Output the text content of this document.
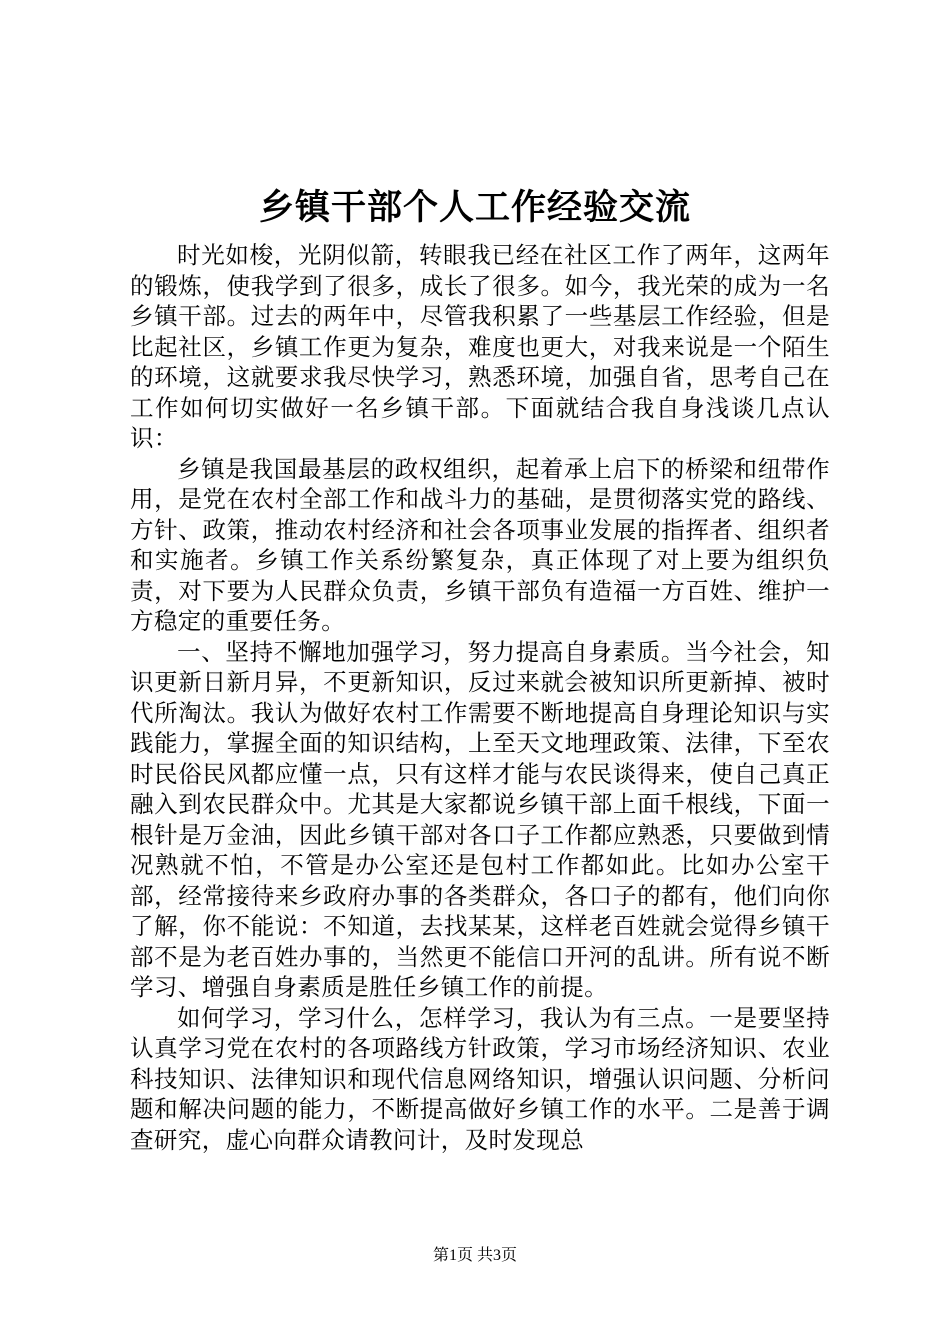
乡镇干部个人工作经验交流

时光如梭，光阴似箭，转眼我已经在社区工作了两年，这两年的锻炼，使我学到了很多，成长了很多。如今，我光荣的成为一名乡镇干部。过去的两年中，尽管我积累了一些基层工作经验，但是比起社区，乡镇工作更为复杂，难度也更大，对我来说是一个陌生的环境，这就要求我尽快学习，熟悉环境，加强自省，思考自己在工作如何切实做好一名乡镇干部。下面就结合我自身浅谈几点认识：

乡镇是我国最基层的政权组织，起着承上启下的桥梁和纽带作用，是党在农村全部工作和战斗力的基础，是贯彻落实党的路线、方针、政策，推动农村经济和社会各项事业发展的指挥者、组织者和实施者。乡镇工作关系纷繁复杂，真正体现了对上要为组织负责，对下要为人民群众负责，乡镇干部负有造福一方百姓、维护一方稳定的重要任务。

一、坚持不懈地加强学习，努力提高自身素质。当今社会，知识更新日新月异，不更新知识，反过来就会被知识所更新掉、被时代所淘汰。我认为做好农村工作需要不断地提高自身理论知识与实践能力，掌握全面的知识结构，上至天文地理政策、法律，下至农时民俗民风都应懂一点，只有这样才能与农民谈得来，使自己真正融入到农民群众中。尤其是大家都说乡镇干部上面千根线，下面一根针是万金油，因此乡镇干部对各口子工作都应熟悉，只要做到情况熟就不怕，不管是办公室还是包村工作都如此。比如办公室干部，经常接待来乡政府办事的各类群众，各口子的都有，他们向你了解，你不能说：不知道，去找某某，这样老百姓就会觉得乡镇干部不是为老百姓办事的，当然更不能信口开河的乱讲。所有说不断学习、增强自身素质是胜任乡镇工作的前提。

如何学习，学习什么，怎样学习，我认为有三点。一是要坚持认真学习党在农村的各项路线方针政策，学习市场经济知识、农业科技知识、法律知识和现代信息网络知识，增强认识问题、分析问题和解决问题的能力，不断提高做好乡镇工作的水平。二是善于调查研究，虚心向群众请教问计，及时发现总

第1页 共3页
